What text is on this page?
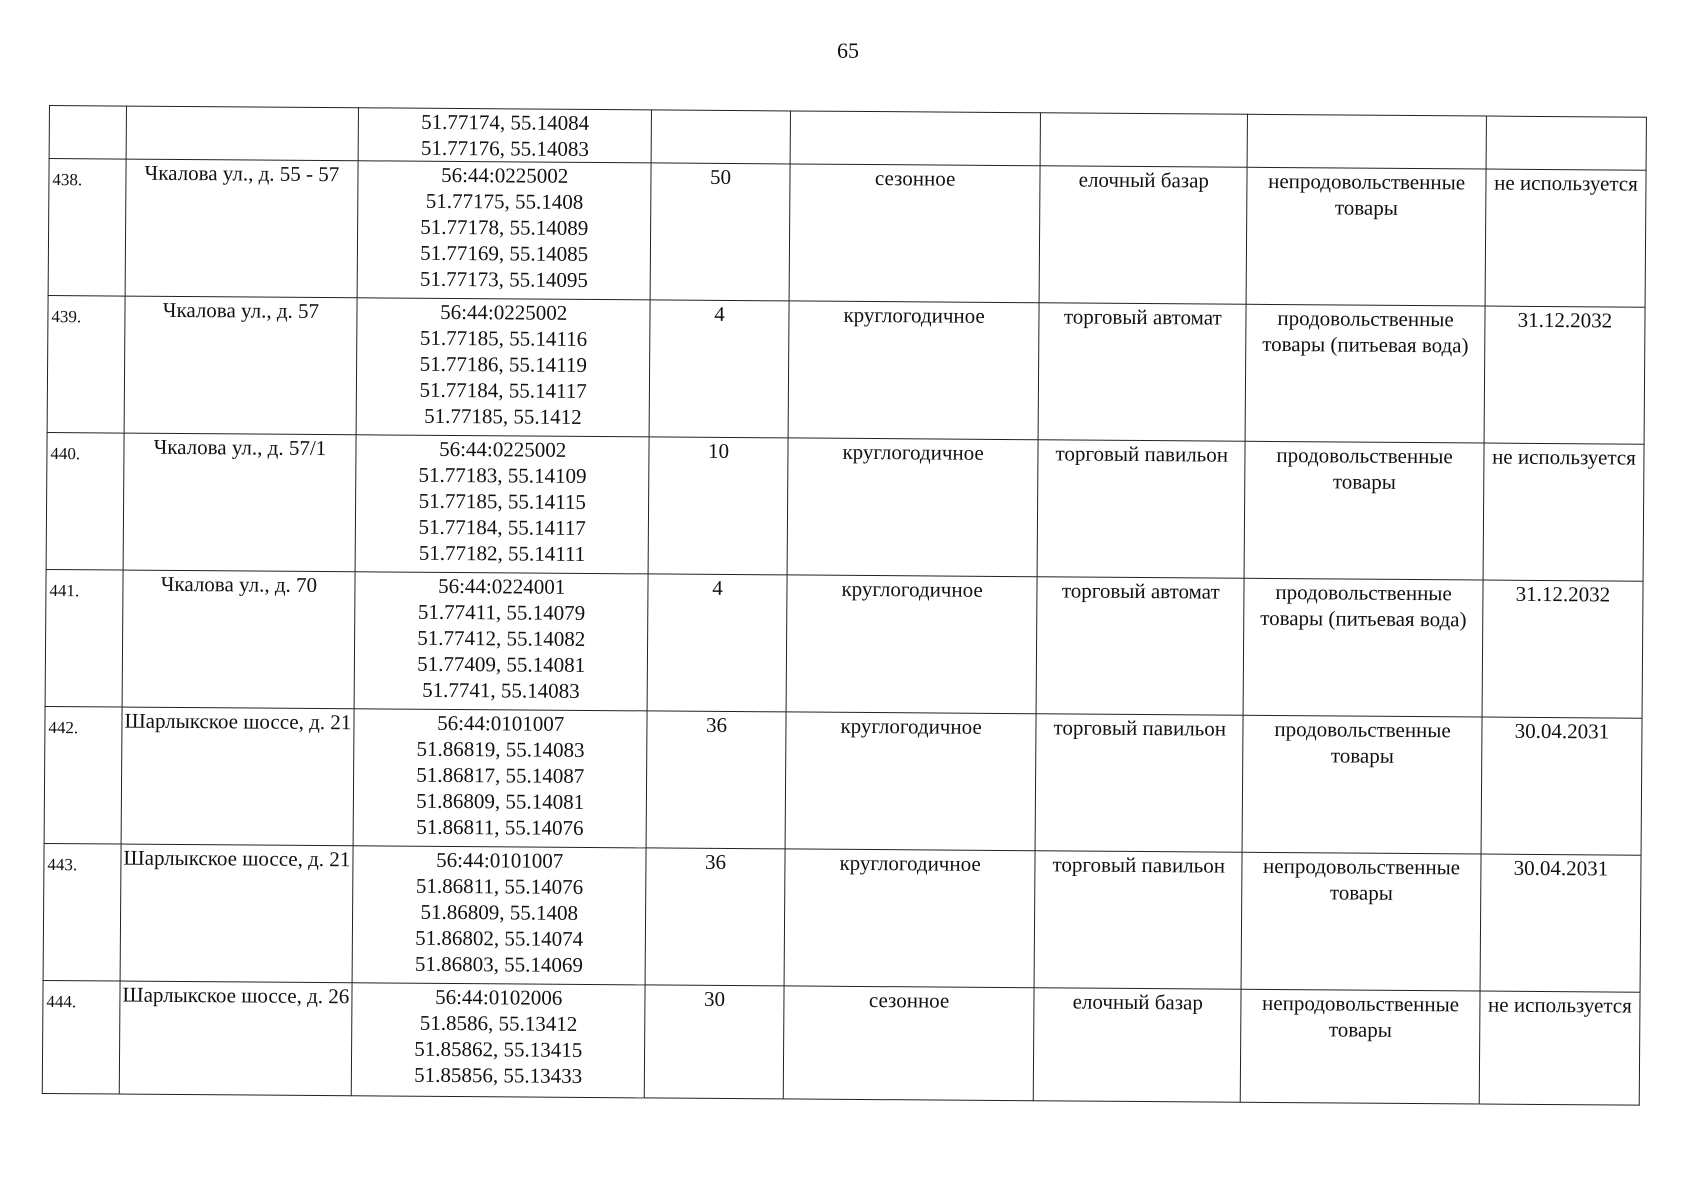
65

		51.77174, 55.14084
51.77176, 55.14083					

438.	Чкалова ул., д. 55 - 57	56:44:0225002
51.77175, 55.1408
51.77178, 55.14089
51.77169, 55.14085
51.77173, 55.14095	50	сезонное	елочный базар	непродовольственные товары	не используется
439.	Чкалова ул., д. 57	56:44:0225002
51.77185, 55.14116
51.77186, 55.14119
51.77184, 55.14117
51.77185, 55.1412	4	круглогодичное	торговый автомат	продовольственные товары (питьевая вода)	31.12.2032
440.	Чкалова ул., д. 57/1	56:44:0225002
51.77183, 55.14109
51.77185, 55.14115
51.77184, 55.14117
51.77182, 55.14111	10	круглогодичное	торговый павильон	продовольственные товары	не используется
441.	Чкалова ул., д. 70	56:44:0224001
51.77411, 55.14079
51.77412, 55.14082
51.77409, 55.14081
51.7741, 55.14083	4	круглогодичное	торговый автомат	продовольственные товары (питьевая вода)	31.12.2032
442.	Шарлыкское шоссе, д. 21	56:44:0101007
51.86819, 55.14083
51.86817, 55.14087
51.86809, 55.14081
51.86811, 55.14076	36	круглогодичное	торговый павильон	продовольственные товары	30.04.2031
443.	Шарлыкское шоссе, д. 21	56:44:0101007
51.86811, 55.14076
51.86809, 55.1408
51.86802, 55.14074
51.86803, 55.14069	36	круглогодичное	торговый павильон	непродовольственные товары	30.04.2031
444.	Шарлыкское шоссе, д. 26	56:44:0102006
51.8586, 55.13412
51.85862, 55.13415
51.85856, 55.13433	30	сезонное	елочный базар	непродовольственные товары	не используется
